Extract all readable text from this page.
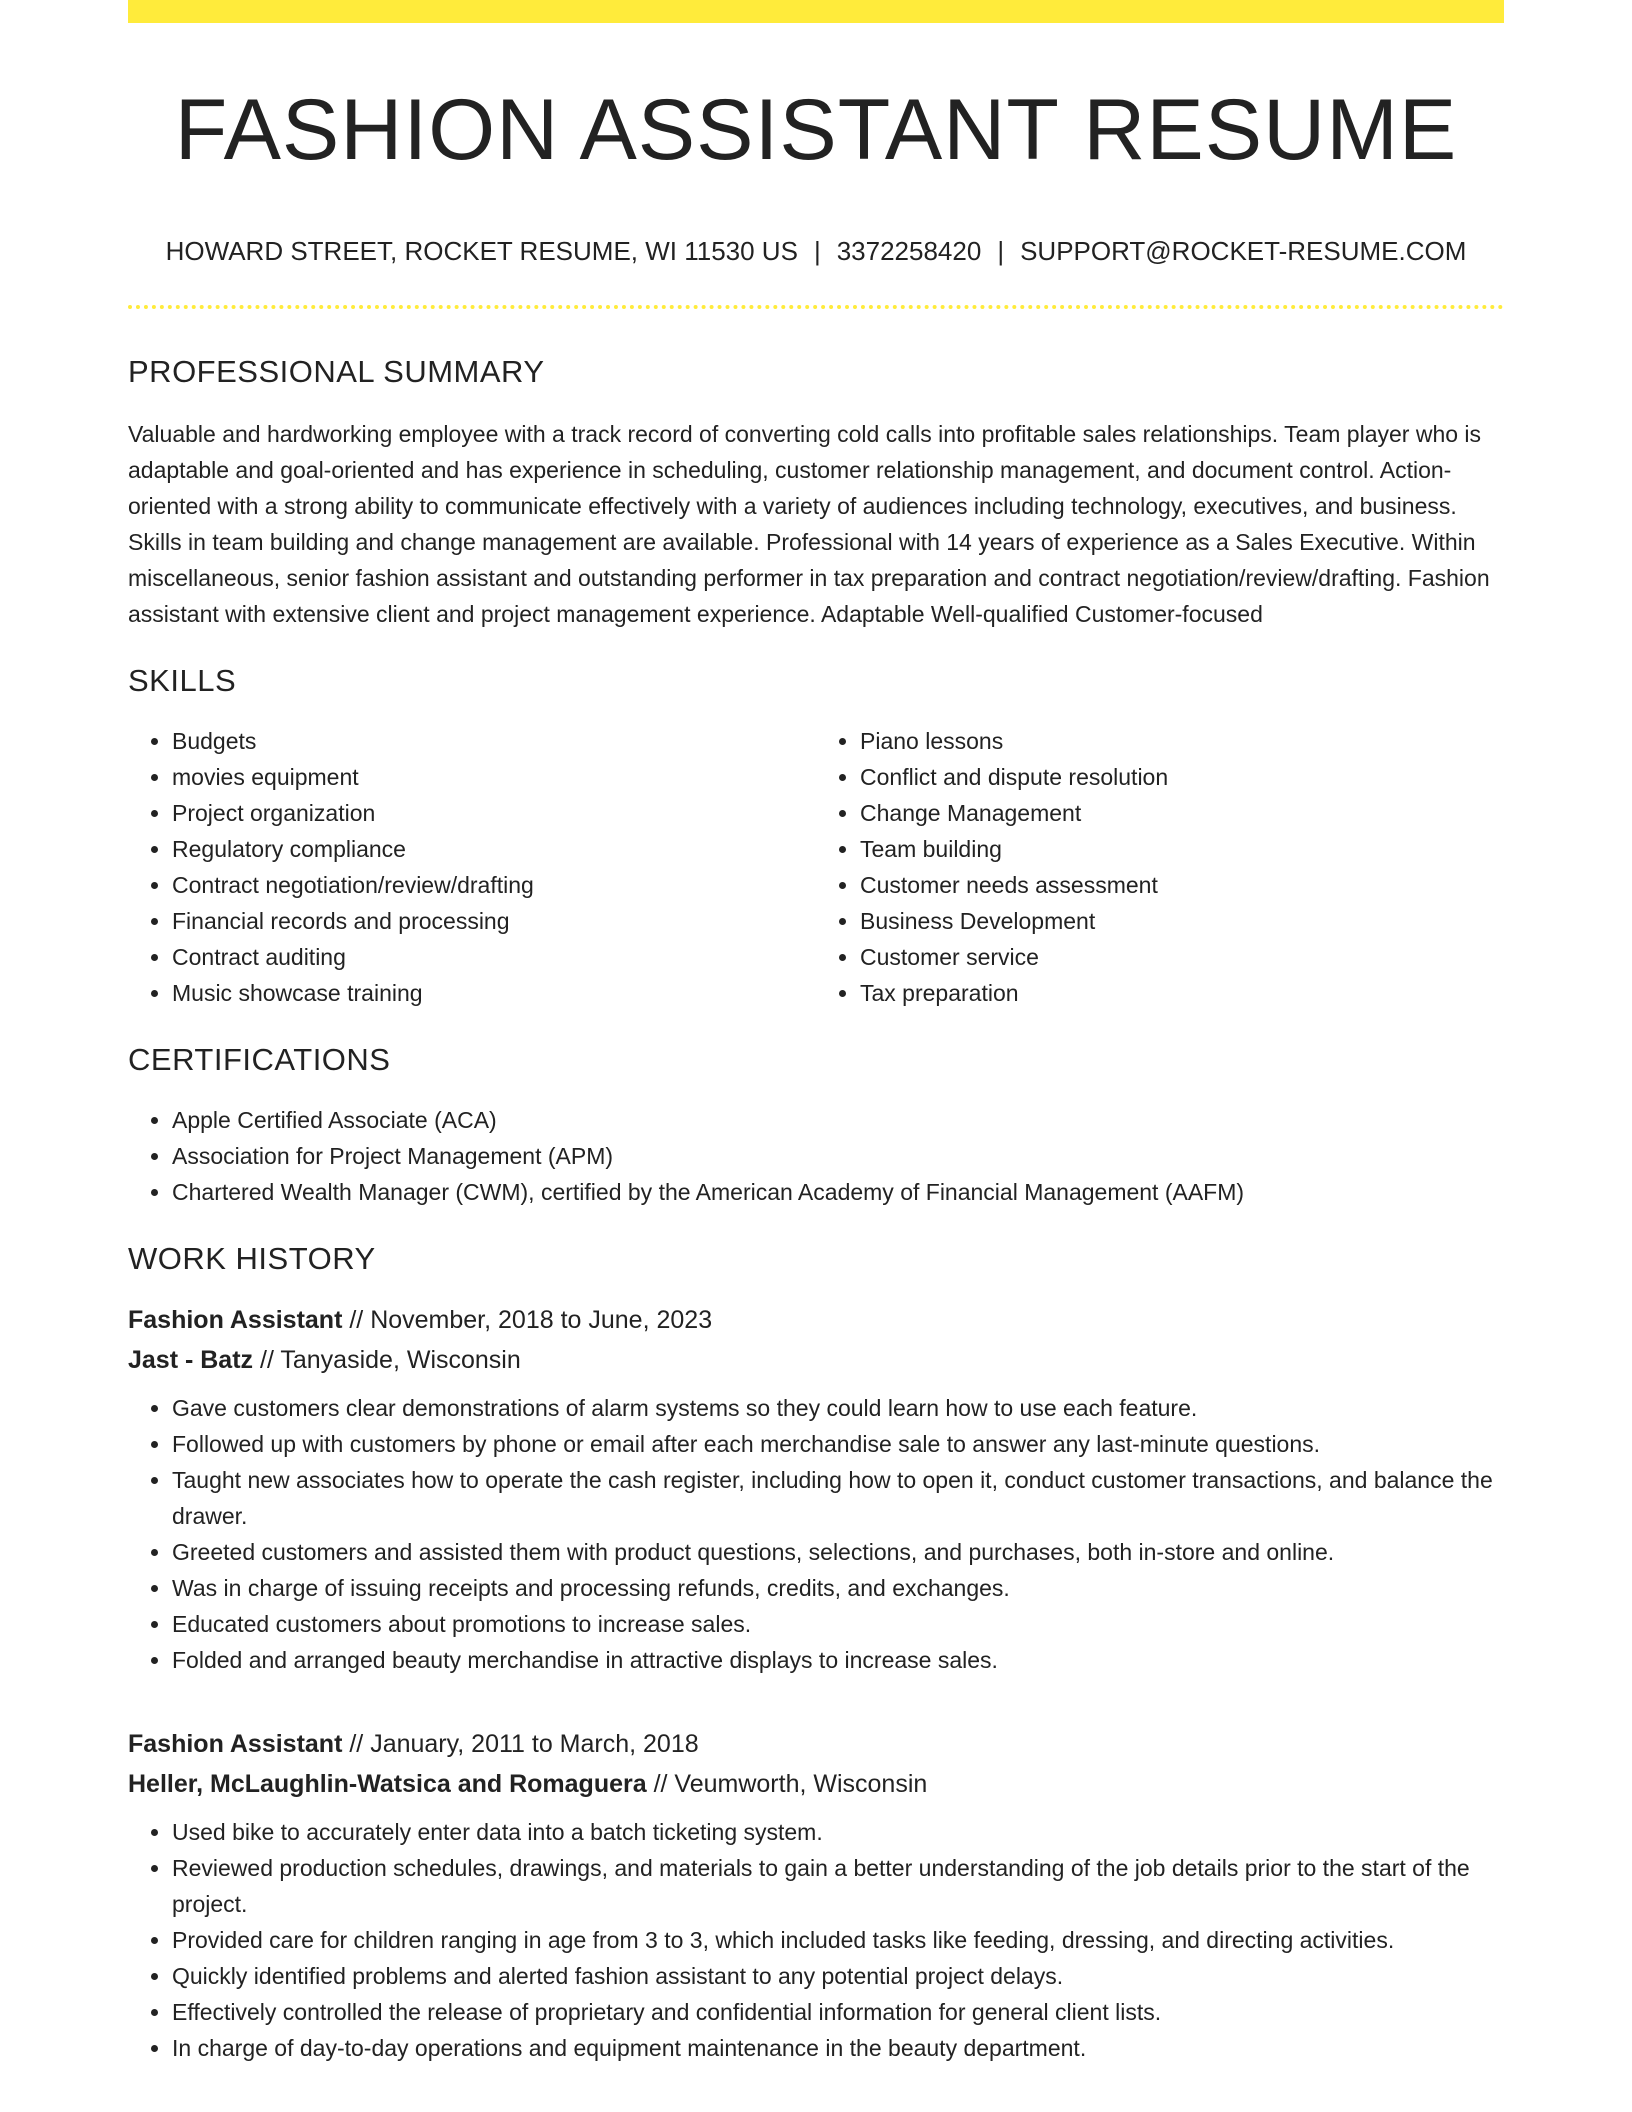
FASHION ASSISTANT RESUME
HOWARD STREET, ROCKET RESUME, WI 11530 US | 3372258420 | SUPPORT@ROCKET-RESUME.COM
PROFESSIONAL SUMMARY

Valuable and hardworking employee with a track record of converting cold calls into profitable sales relationships. Team player who is adaptable and goal-oriented and has experience in scheduling, customer relationship management, and document control. Action-oriented with a strong ability to communicate effectively with a variety of audiences including technology, executives, and business. Skills in team building and change management are available. Professional with 14 years of experience as a Sales Executive. Within miscellaneous, senior fashion assistant and outstanding performer in tax preparation and contract negotiation/review/drafting. Fashion assistant with extensive client and project management experience. Adaptable Well-qualified Customer-focused

SKILLS
• Budgets
• movies equipment
• Project organization
• Regulatory compliance
• Contract negotiation/review/drafting
• Financial records and processing
• Contract auditing
• Music showcase training
• Piano lessons
• Conflict and dispute resolution
• Change Management
• Team building
• Customer needs assessment
• Business Development
• Customer service
• Tax preparation
CERTIFICATIONS
• Apple Certified Associate (ACA)
• Association for Project Management (APM)
• Chartered Wealth Manager (CWM), certified by the American Academy of Financial Management (AAFM)
WORK HISTORY
Fashion Assistant // November, 2018 to June, 2023
Jast - Batz // Tanyaside, Wisconsin
• Gave customers clear demonstrations of alarm systems so they could learn how to use each feature.
• Followed up with customers by phone or email after each merchandise sale to answer any last-minute questions.
• Taught new associates how to operate the cash register, including how to open it, conduct customer transactions, and balance the drawer.
• Greeted customers and assisted them with product questions, selections, and purchases, both in-store and online.
• Was in charge of issuing receipts and processing refunds, credits, and exchanges.
• Educated customers about promotions to increase sales.
• Folded and arranged beauty merchandise in attractive displays to increase sales.
Fashion Assistant // January, 2011 to March, 2018
Heller, McLaughlin-Watsica and Romaguera // Veumworth, Wisconsin
• Used bike to accurately enter data into a batch ticketing system.
• Reviewed production schedules, drawings, and materials to gain a better understanding of the job details prior to the start of the project.
• Provided care for children ranging in age from 3 to 3, which included tasks like feeding, dressing, and directing activities.
• Quickly identified problems and alerted fashion assistant to any potential project delays.
• Effectively controlled the release of proprietary and confidential information for general client lists.
• In charge of day-to-day operations and equipment maintenance in the beauty department.
